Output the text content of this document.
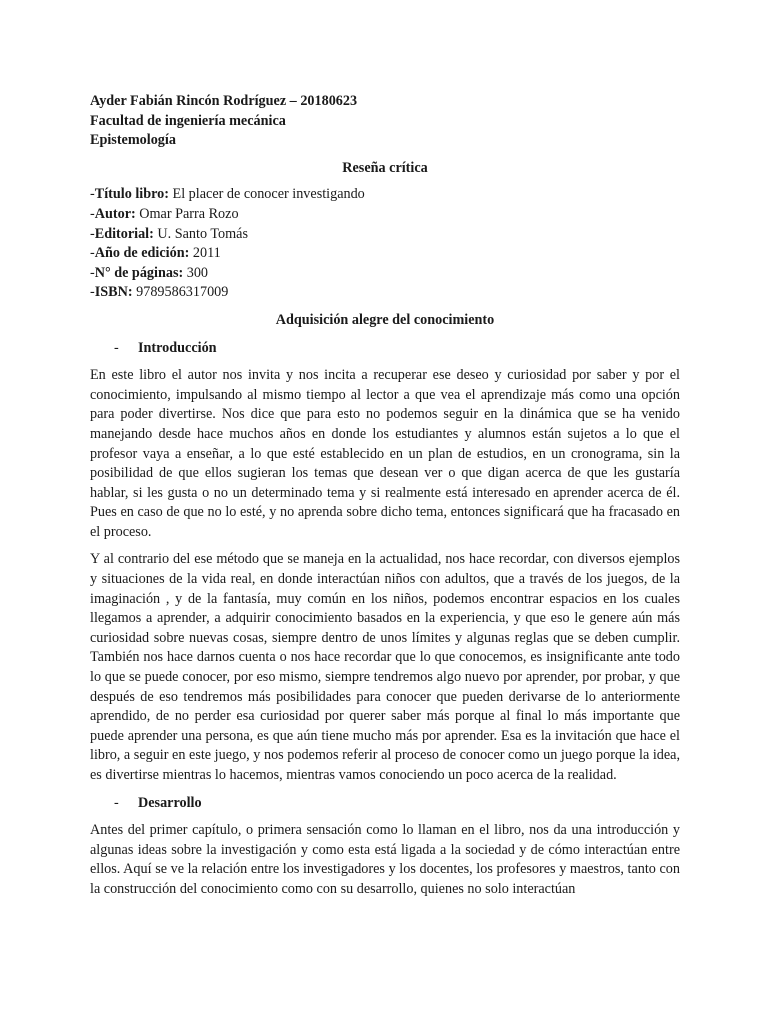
Ayder Fabián Rincón Rodríguez – 20180623

Facultad de ingeniería mecánica

Epistemología

Reseña crítica

-Título libro: El placer de conocer investigando

-Autor: Omar Parra Rozo

-Editorial: U. Santo Tomás

-Año de edición: 2011

-N° de páginas: 300

-ISBN: 9789586317009

Adquisición alegre del conocimiento

-	Introducción

En este libro el autor nos invita y nos incita a recuperar ese deseo y curiosidad por saber y por el conocimiento, impulsando al mismo tiempo al lector a que vea el aprendizaje más como una opción para poder divertirse. Nos dice que para esto no podemos seguir en la dinámica que se ha venido manejando desde hace muchos años en donde los estudiantes y alumnos están sujetos a lo que el profesor vaya a enseñar, a lo que esté establecido en un plan de estudios, en un cronograma, sin la posibilidad de que ellos sugieran los temas que desean ver o que digan acerca de que les gustaría hablar, si les gusta o no un determinado tema y si realmente está interesado en aprender acerca de él. Pues en caso de que no lo esté, y no aprenda sobre dicho tema, entonces significará que ha fracasado en el proceso.

Y al contrario del ese método que se maneja en la actualidad, nos hace recordar, con diversos ejemplos y situaciones de la vida real, en donde interactúan niños con adultos, que a través de los juegos, de la imaginación , y de la fantasía, muy común en los niños, podemos encontrar espacios en los cuales llegamos a aprender, a adquirir conocimiento basados en la experiencia, y que eso le genere aún más curiosidad sobre nuevas cosas, siempre dentro de unos límites y algunas reglas que se deben cumplir. También nos hace darnos cuenta o nos hace recordar que lo que conocemos, es insignificante ante todo lo que se puede conocer, por eso mismo, siempre tendremos algo nuevo por aprender, por probar, y que después de eso tendremos más posibilidades para conocer que pueden derivarse de lo anteriormente aprendido, de no perder esa curiosidad por querer saber más porque al final lo más importante que puede aprender una persona, es que aún tiene mucho más por aprender. Esa es la invitación que hace el libro, a seguir en este juego, y nos podemos referir al proceso de conocer como un juego porque la idea, es divertirse mientras lo hacemos, mientras vamos conociendo un poco acerca de la realidad.

-	Desarrollo

Antes del primer capítulo, o primera sensación como lo llaman en el libro, nos da una introducción y algunas ideas sobre la investigación y como esta está ligada a la sociedad y de cómo interactúan entre ellos. Aquí se ve la relación entre los investigadores y los docentes, los profesores y maestros, tanto con la construcción del conocimiento como con su desarrollo, quienes no solo interactúan
